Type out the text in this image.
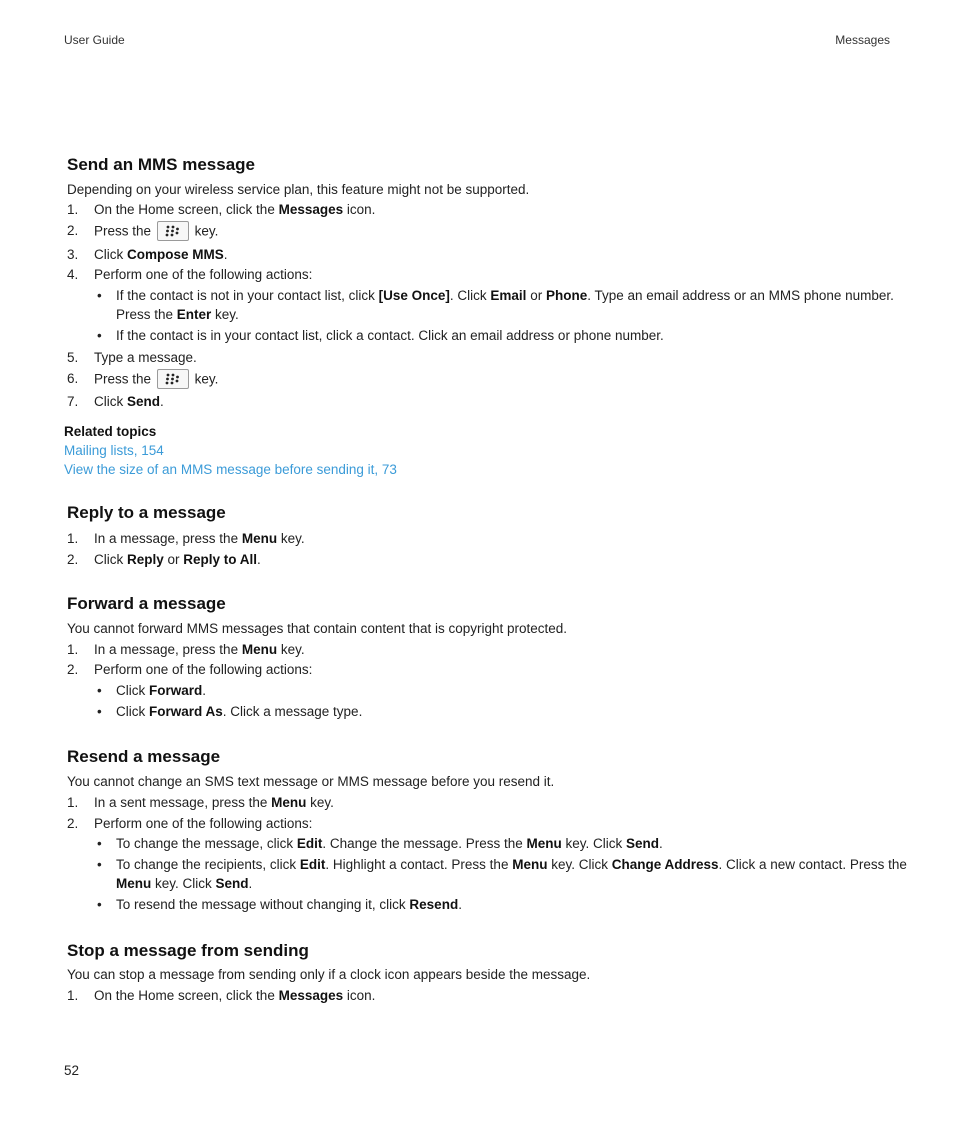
User Guide	Messages
Send an MMS message
Depending on your wireless service plan, this feature might not be supported.
1. On the Home screen, click the Messages icon.
2. Press the	key.
3. Click Compose MMS.
4. Perform one of the following actions:
• If the contact is not in your contact list, click [Use Once]. Click Email or Phone. Type an email address or an MMS phone number.
Press the Enter key.
• If the contact is in your contact list, click a contact. Click an email address or phone number.
5. Type a message.
6. Press the	key.
7. Click Send.
Related topics
Mailing lists, 154
View the size of an MMS message before sending it, 73
Reply to a message
1. In a message, press the Menu key.
2. Click Reply or Reply to All.
Forward a message
You cannot forward MMS messages that contain content that is copyright protected.
1. In a message, press the Menu key.
2. Perform one of the following actions:
• Click Forward.
• Click Forward As. Click a message type.
Resend a message
You cannot change an SMS text message or MMS message before you resend it.
1. In a sent message, press the Menu key.
2. Perform one of the following actions:
• To change the message, click Edit. Change the message. Press the Menu key. Click Send.
• To change the recipients, click Edit. Highlight a contact. Press the Menu key. Click Change Address. Click a new contact. Press the
Menu key. Click Send.
• To resend the message without changing it, click Resend.
Stop a message from sending
You can stop a message from sending only if a clock icon appears beside the message.
1. On the Home screen, click the Messages icon.
52
